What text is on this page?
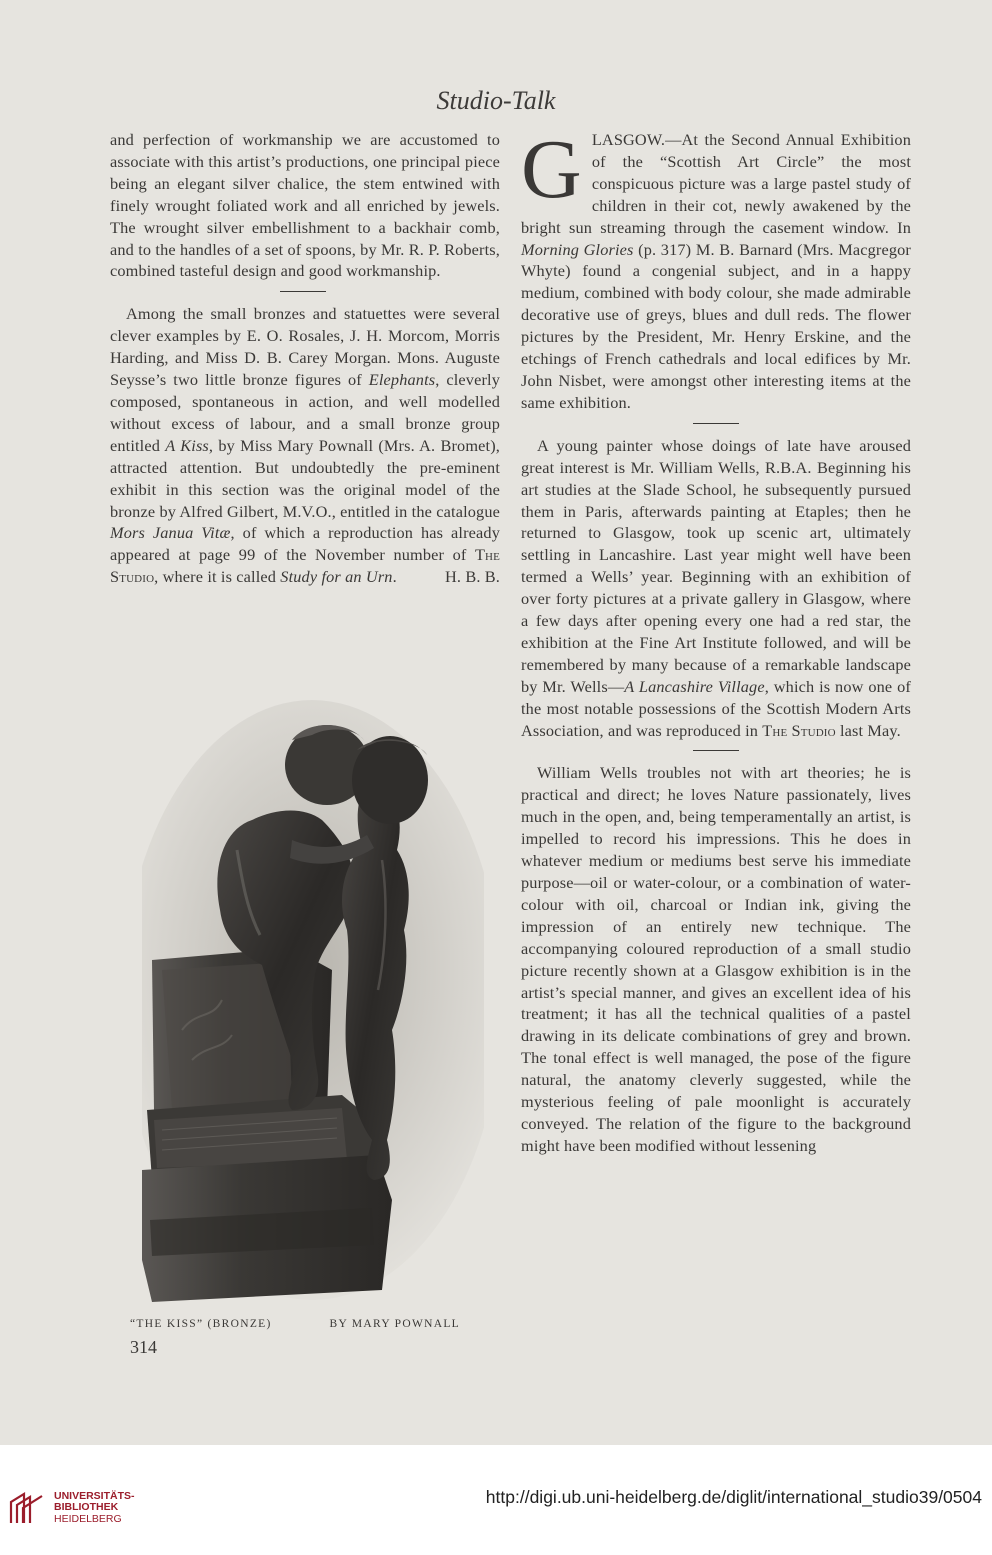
Studio-Talk

and perfection of workmanship we are accustomed to associate with this artist’s productions, one principal piece being an elegant silver chalice, the stem entwined with finely wrought foliated work and all enriched by jewels. The wrought silver embellishment to a backhair comb, and to the handles of a set of spoons, by Mr. R. P. Roberts, combined tasteful design and good workmanship.

Among the small bronzes and statuettes were several clever examples by E. O. Rosales, J. H. Morcom, Morris Harding, and Miss D. B. Carey Morgan. Mons. Auguste Seysse’s two little bronze figures of Elephants, cleverly composed, spontaneous in action, and well modelled without excess of labour, and a small bronze group entitled A Kiss, by Miss Mary Pownall (Mrs. A. Bromet), attracted attention. But undoubtedly the pre-eminent exhibit in this section was the original model of the bronze by Alfred Gilbert, M.V.O., entitled in the catalogue Mors Janua Vitæ, of which a reproduction has already appeared at page 99 of the November number of The Studio, where it is called Study for an Urn.	H. B. B.

“THE KISS” (BRONZE)	BY MARY POWNALL
314

GLASGOW.—At the Second Annual Exhibition of the “Scottish Art Circle” the most conspicuous picture was a large pastel study of children in their cot, newly awakened by the bright sun streaming through the casement window. In Morning Glories (p. 317) M. B. Barnard (Mrs. Macgregor Whyte) found a congenial subject, and in a happy medium, combined with body colour, she made admirable decorative use of greys, blues and dull reds. The flower pictures by the President, Mr. Henry Erskine, and the etchings of French cathedrals and local edifices by Mr. John Nisbet, were amongst other interesting items at the same exhibition.

A young painter whose doings of late have aroused great interest is Mr. William Wells, R.B.A. Beginning his art studies at the Slade School, he subsequently pursued them in Paris, afterwards painting at Etaples; then he returned to Glasgow, took up scenic art, ultimately settling in Lancashire. Last year might well have been termed a Wells’ year. Beginning with an exhibition of over forty pictures at a private gallery in Glasgow, where a few days after opening every one had a red star, the exhibition at the Fine Art Institute followed, and will be remembered by many because of a remarkable landscape by Mr. Wells—A Lancashire Village, which is now one of the most notable possessions of the Scottish Modern Arts Association, and was reproduced in The Studio last May.

William Wells troubles not with art theories; he is practical and direct; he loves Nature passionately, lives much in the open, and, being temperamentally an artist, is impelled to record his impressions. This he does in whatever medium or mediums best serve his immediate purpose—oil or water-colour, or a combination of water-colour with oil, charcoal or Indian ink, giving the impression of an entirely new technique. The accompanying coloured reproduction of a small studio picture recently shown at a Glasgow exhibition is in the artist’s special manner, and gives an excellent idea of his treatment; it has all the technical qualities of a pastel drawing in its delicate combinations of grey and brown. The tonal effect is well managed, the pose of the figure natural, the anatomy cleverly suggested, while the mysterious feeling of pale moonlight is accurately conveyed. The relation of the figure to the background might have been modified without lessening

UNIVERSITÄTS-
BIBLIOTHEK
HEIDELBERG
http://digi.ub.uni-heidelberg.de/diglit/international_studio39/0504
